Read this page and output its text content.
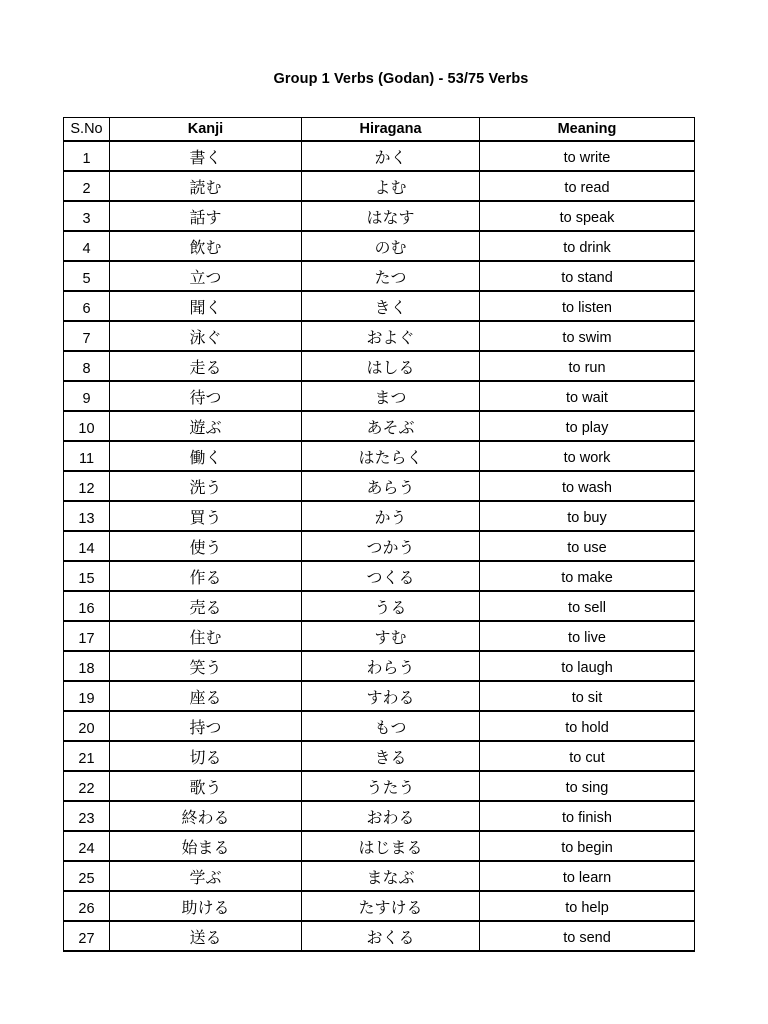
Group 1 Verbs (Godan) - 53/75 Verbs
S.No	Kanji	Hiragana	Meaning
1	書く	かく	to write
2	読む	よむ	to read
3	話す	はなす	to speak
4	飲む	のむ	to drink
5	立つ	たつ	to stand
6	聞く	きく	to listen
7	泳ぐ	およぐ	to swim
8	走る	はしる	to run
9	待つ	まつ	to wait
10	遊ぶ	あそぶ	to play
11	働く	はたらく	to work
12	洗う	あらう	to wash
13	買う	かう	to buy
14	使う	つかう	to use
15	作る	つくる	to make
16	売る	うる	to sell
17	住む	すむ	to live
18	笑う	わらう	to laugh
19	座る	すわる	to sit
20	持つ	もつ	to hold
21	切る	きる	to cut
22	歌う	うたう	to sing
23	終わる	おわる	to finish
24	始まる	はじまる	to begin
25	学ぶ	まなぶ	to learn
26	助ける	たすける	to help
27	送る	おくる	to send
